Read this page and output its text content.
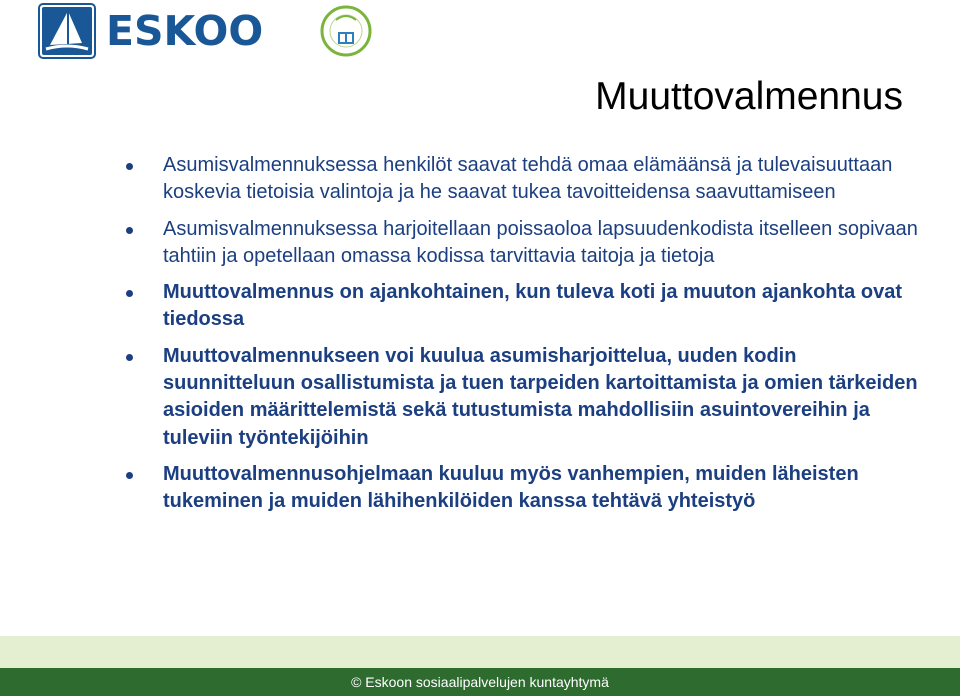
ESKOO
Muuttovalmennus
Asumisvalmennuksessa henkilöt saavat tehdä omaa elämäänsä ja tulevaisuuttaan koskevia tietoisia valintoja ja he saavat tukea tavoitteidensa saavuttamiseen
Asumisvalmennuksessa harjoitellaan poissaoloa lapsuudenkodista itselleen sopivaan tahtiin ja opetellaan omassa kodissa tarvittavia taitoja ja tietoja
Muuttovalmennus on ajankohtainen, kun tuleva koti ja muuton ajankohta ovat tiedossa
Muuttovalmennukseen voi kuulua asumisharjoittelua, uuden kodin suunnitteluun osallistumista ja tuen tarpeiden kartoittamista ja omien tärkeiden asioiden määrittelemistä sekä tutustumista mahdollisiin asuintovereihin ja tuleviin työntekijöihin
Muuttovalmennusohjelmaan kuuluu myös vanhempien, muiden läheisten tukeminen ja muiden lähihenkilöiden kanssa tehtävä yhteistyö
© Eskoon sosiaalipalvelujen kuntayhtymä
